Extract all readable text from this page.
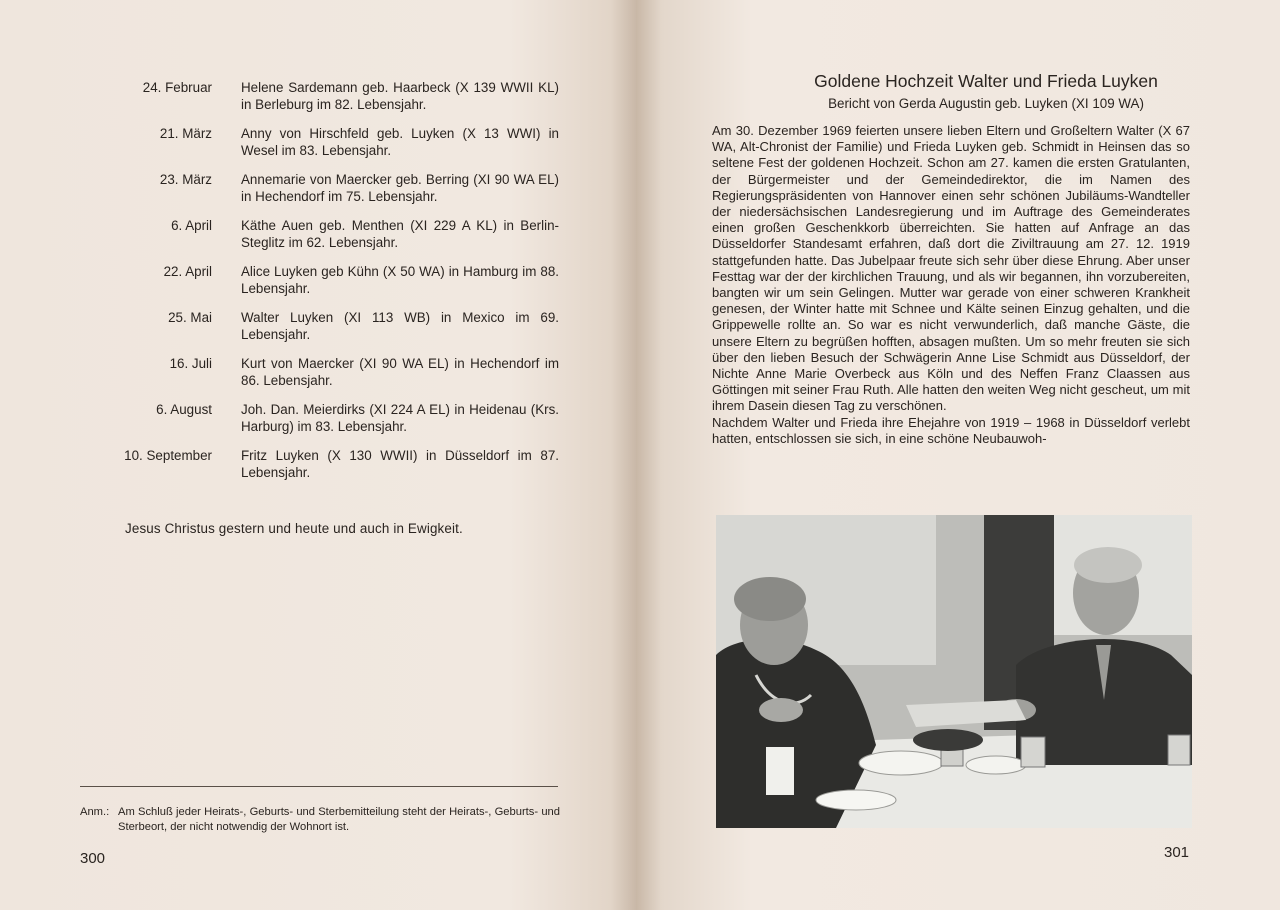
24. Februar Helene Sardemann geb. Haarbeck (X 139 WWII KL) in Berleburg im 82. Lebensjahr.
21. März Anny von Hirschfeld geb. Luyken (X 13 WWI) in Wesel im 83. Lebensjahr.
23. März Annemarie von Maercker geb. Berring (XI 90 WA EL) in Hechendorf im 75. Lebensjahr.
6. April Käthe Auen geb. Menthen (XI 229 A KL) in Berlin-Steglitz im 62. Lebensjahr.
22. April Alice Luyken geb Kühn (X 50 WA) in Hamburg im 88. Lebensjahr.
25. Mai Walter Luyken (XI 113 WB) in Mexico im 69. Lebensjahr.
16. Juli Kurt von Maercker (XI 90 WA EL) in Hechendorf im 86. Lebensjahr.
6. August Joh. Dan. Meierdirks (XI 224 A EL) in Heidenau (Krs. Harburg) im 83. Lebensjahr.
10. September Fritz Luyken (X 130 WWII) in Düsseldorf im 87. Lebensjahr.
Jesus Christus gestern und heute und auch in Ewigkeit.
Anm.: Am Schluß jeder Heirats-, Geburts- und Sterbemitteilung steht der Heirats-, Geburts- und Sterbeort, der nicht notwendig der Wohnort ist.
300
Goldene Hochzeit Walter und Frieda Luyken
Bericht von Gerda Augustin geb. Luyken (XI 109 WA)

Am 30. Dezember 1969 feierten unsere lieben Eltern und Großeltern Walter (X 67 WA, Alt-Chronist der Familie) und Frieda Luyken geb. Schmidt in Heinsen das so seltene Fest der goldenen Hochzeit. Schon am 27. kamen die ersten Gratulanten, der Bürgermeister und der Gemeindedirektor, die im Namen des Regierungspräsidenten von Hannover einen sehr schönen Jubiläums-Wandteller der niedersächsischen Landesregierung und im Auftrage des Gemeinderates einen großen Geschenkkorb überreichten. Sie hatten auf Anfrage an das Düsseldorfer Standesamt erfahren, daß dort die Ziviltrauung am 27. 12. 1919 stattgefunden hatte. Das Jubelpaar freute sich sehr über diese Ehrung. Aber unser Festtag war der der kirchlichen Trauung, und als wir begannen, ihn vorzubereiten, bangten wir um sein Gelingen. Mutter war gerade von einer schweren Krankheit genesen, der Winter hatte mit Schnee und Kälte seinen Einzug gehalten, und die Grippewelle rollte an. So war es nicht verwunderlich, daß manche Gäste, die unsere Eltern zu begrüßen hofften, absagen mußten. Um so mehr freuten sie sich über den lieben Besuch der Schwägerin Anne Lise Schmidt aus Düsseldorf, der Nichte Anne Marie Overbeck aus Köln und des Neffen Franz Claassen aus Göttingen mit seiner Frau Ruth. Alle hatten den weiten Weg nicht gescheut, um mit ihrem Dasein diesen Tag zu verschönen.

Nachdem Walter und Frieda ihre Ehejahre von 1919 – 1968 in Düsseldorf verlebt hatten, entschlossen sie sich, in eine schöne Neubauwoh-

301
